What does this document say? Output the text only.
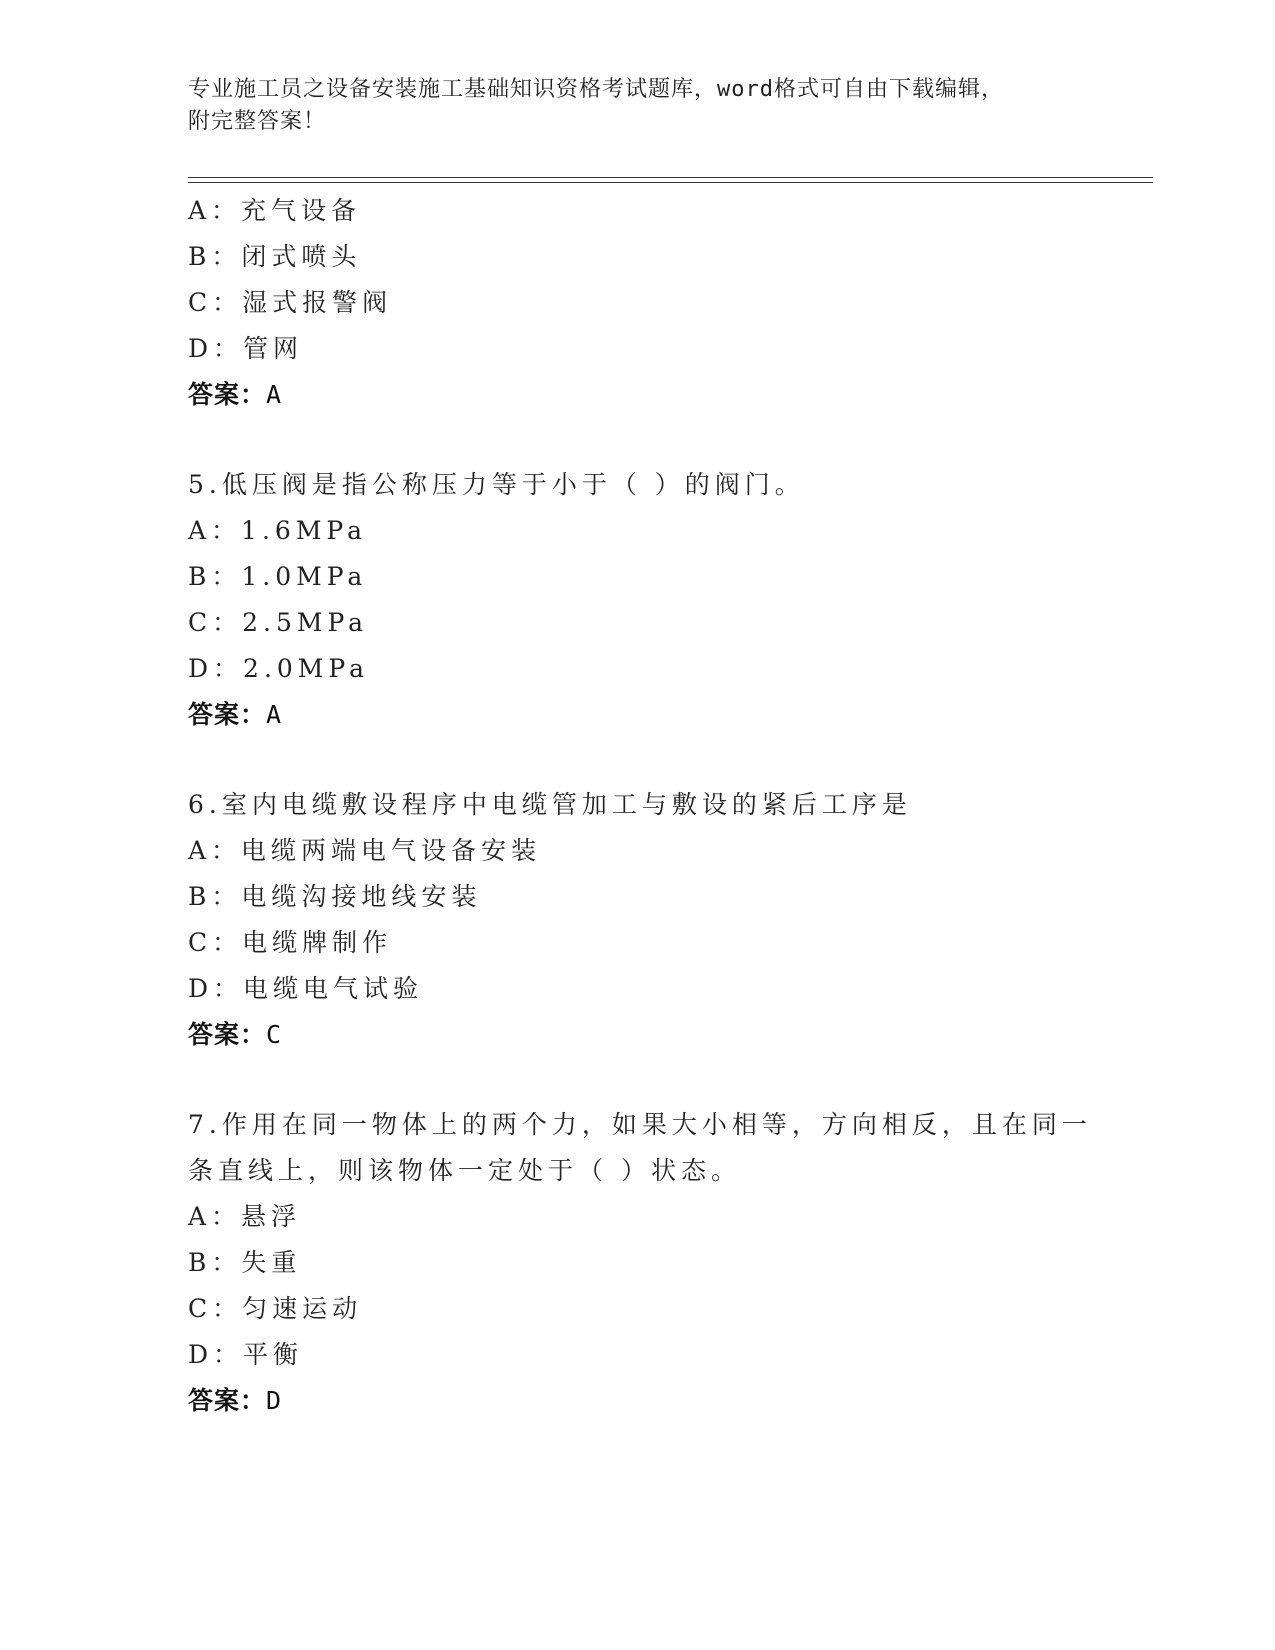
专业施工员之设备安装施工基础知识资格考试题库，word格式可自由下载编辑，
附完整答案！
A：充气设备
B：闭式喷头
C：湿式报警阀
D：管网
答案：A
5.低压阀是指公称压力等于小于（ ）的阀门。
A：1.6MPa
B：1.0MPa
C：2.5MPa
D：2.0MPa
答案：A
6.室内电缆敷设程序中电缆管加工与敷设的紧后工序是
A：电缆两端电气设备安装
B：电缆沟接地线安装
C：电缆牌制作
D：电缆电气试验
答案：C
7.作用在同一物体上的两个力，如果大小相等，方向相反，且在同一
条直线上，则该物体一定处于（ ）状态。
A：悬浮
B：失重
C：匀速运动
D：平衡
答案：D
